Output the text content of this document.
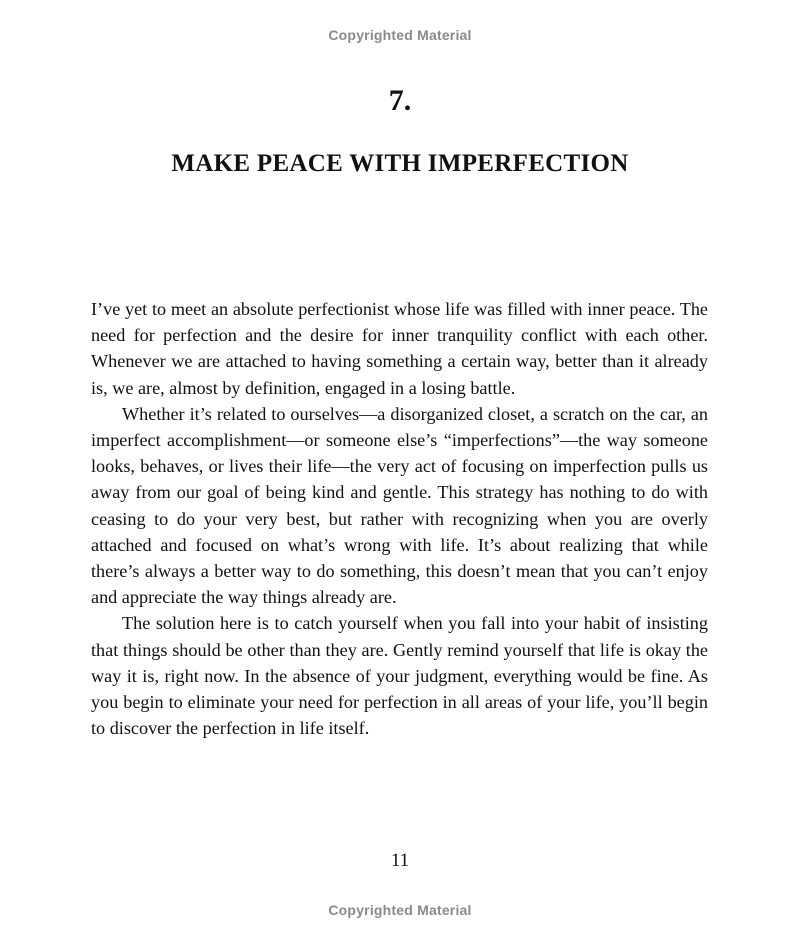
Copyrighted Material
7.
MAKE PEACE WITH IMPERFECTION

I’ve yet to meet an absolute perfectionist whose life was filled with inner peace. The need for perfection and the desire for inner tranquility conflict with each other. Whenever we are attached to having something a certain way, better than it already is, we are, almost by definition, engaged in a losing battle.

Whether it’s related to ourselves—a disorganized closet, a scratch on the car, an imperfect accomplishment—or someone else’s “imperfections”—the way someone looks, behaves, or lives their life—the very act of focusing on imperfection pulls us away from our goal of being kind and gentle. This strategy has nothing to do with ceasing to do your very best, but rather with recognizing when you are overly attached and focused on what’s wrong with life. It’s about realizing that while there’s always a better way to do something, this doesn’t mean that you can’t enjoy and appreciate the way things already are.

The solution here is to catch yourself when you fall into your habit of insisting that things should be other than they are. Gently remind yourself that life is okay the way it is, right now. In the absence of your judgment, everything would be fine. As you begin to eliminate your need for perfection in all areas of your life, you’ll begin to discover the perfection in life itself.

11
Copyrighted Material
